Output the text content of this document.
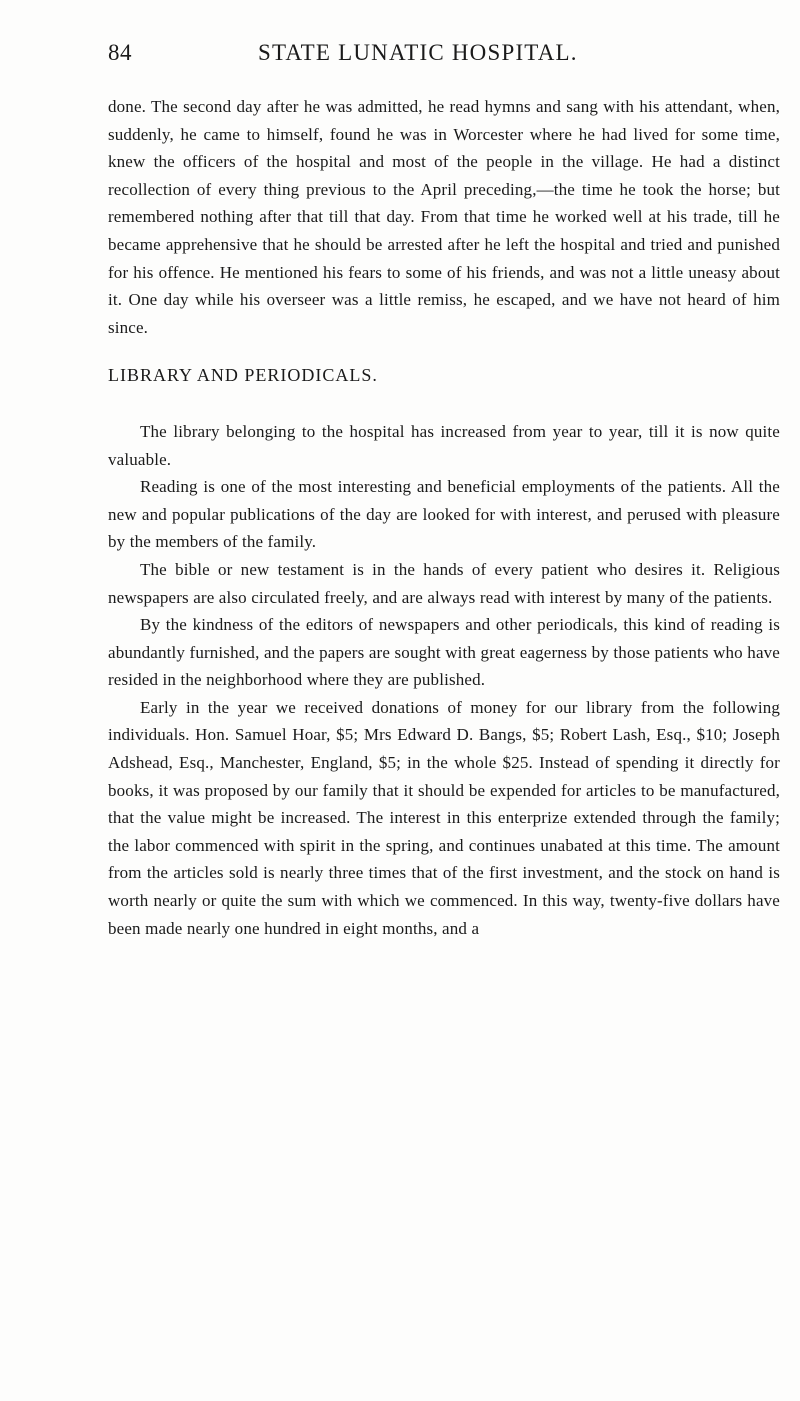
84	STATE LUNATIC HOSPITAL.

done. The second day after he was admitted, he read hymns and sang with his attendant, when, suddenly, he came to himself, found he was in Worcester where he had lived for some time, knew the officers of the hospital and most of the people in the village. He had a distinct recollection of every thing previous to the April preceding,—the time he took the horse; but remembered nothing after that till that day. From that time he worked well at his trade, till he became apprehensive that he should be arrested after he left the hospital and tried and punished for his offence. He mentioned his fears to some of his friends, and was not a little uneasy about it. One day while his overseer was a little remiss, he escaped, and we have not heard of him since.

LIBRARY AND PERIODICALS.

The library belonging to the hospital has increased from year to year, till it is now quite valuable.

Reading is one of the most interesting and beneficial employments of the patients. All the new and popular publications of the day are looked for with interest, and perused with pleasure by the members of the family.

The bible or new testament is in the hands of every patient who desires it. Religious newspapers are also circulated freely, and are always read with interest by many of the patients.

By the kindness of the editors of newspapers and other periodicals, this kind of reading is abundantly furnished, and the papers are sought with great eagerness by those patients who have resided in the neighborhood where they are published.

Early in the year we received donations of money for our library from the following individuals. Hon. Samuel Hoar, $5; Mrs Edward D. Bangs, $5; Robert Lash, Esq., $10; Joseph Adshead, Esq., Manchester, England, $5; in the whole $25. Instead of spending it directly for books, it was proposed by our family that it should be expended for articles to be manufactured, that the value might be increased. The interest in this enterprize extended through the family; the labor commenced with spirit in the spring, and continues unabated at this time. The amount from the articles sold is nearly three times that of the first investment, and the stock on hand is worth nearly or quite the sum with which we commenced. In this way, twenty-five dollars have been made nearly one hundred in eight months, and a
